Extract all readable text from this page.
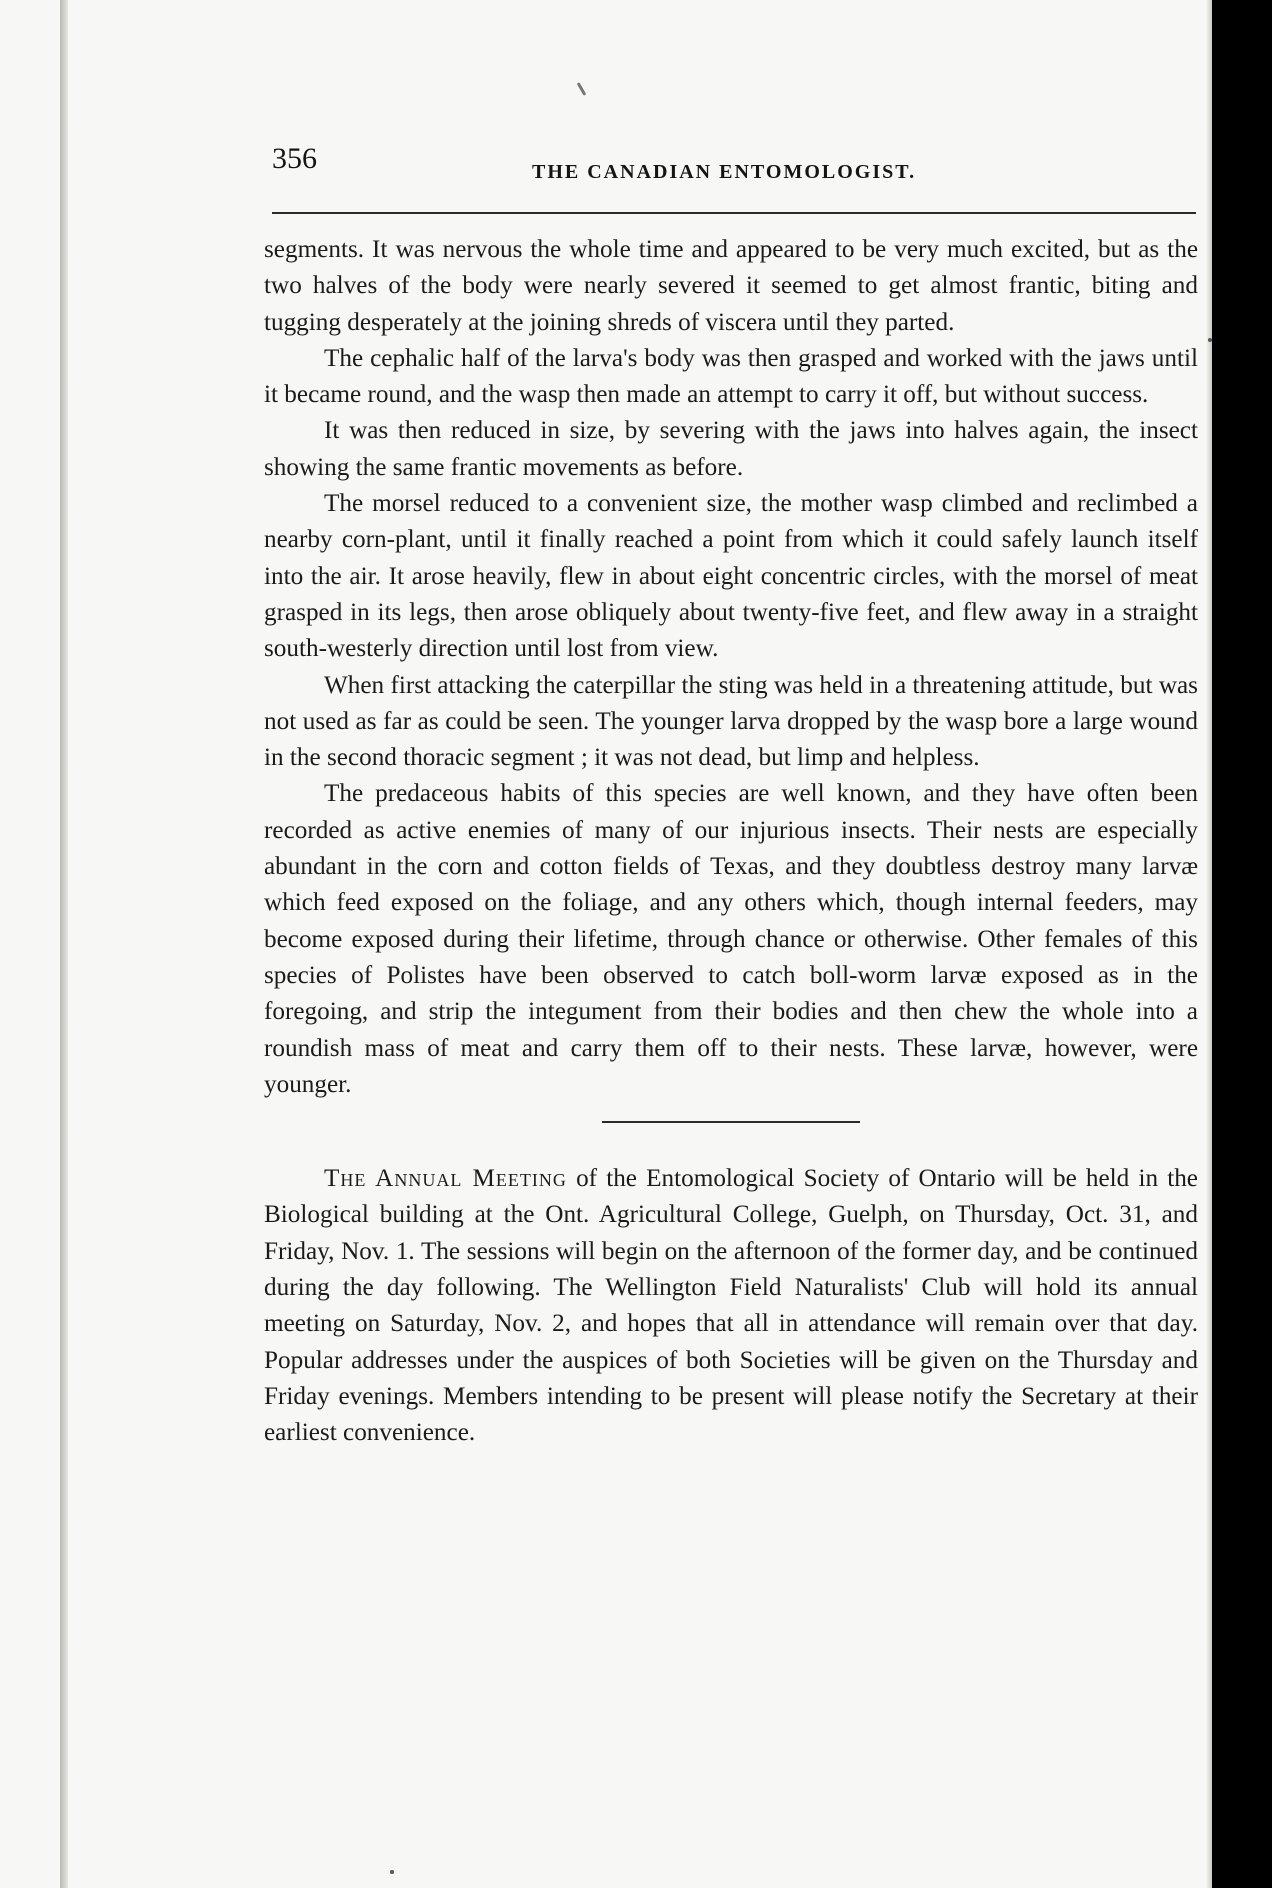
356	THE CANADIAN ENTOMOLOGIST.

segments. It was nervous the whole time and appeared to be very much excited, but as the two halves of the body were nearly severed it seemed to get almost frantic, biting and tugging desperately at the joining shreds of viscera until they parted.

The cephalic half of the larva's body was then grasped and worked with the jaws until it became round, and the wasp then made an attempt to carry it off, but without success.

It was then reduced in size, by severing with the jaws into halves again, the insect showing the same frantic movements as before.

The morsel reduced to a convenient size, the mother wasp climbed and reclimbed a nearby corn-plant, until it finally reached a point from which it could safely launch itself into the air. It arose heavily, flew in about eight concentric circles, with the morsel of meat grasped in its legs, then arose obliquely about twenty-five feet, and flew away in a straight south-westerly direction until lost from view.

When first attacking the caterpillar the sting was held in a threatening attitude, but was not used as far as could be seen. The younger larva dropped by the wasp bore a large wound in the second thoracic segment ; it was not dead, but limp and helpless.

The predaceous habits of this species are well known, and they have often been recorded as active enemies of many of our injurious insects. Their nests are especially abundant in the corn and cotton fields of Texas, and they doubtless destroy many larvæ which feed exposed on the foliage, and any others which, though internal feeders, may become exposed during their lifetime, through chance or otherwise. Other females of this species of Polistes have been observed to catch boll-worm larvæ exposed as in the foregoing, and strip the integument from their bodies and then chew the whole into a roundish mass of meat and carry them off to their nests. These larvæ, however, were younger.

The Annual Meeting of the Entomological Society of Ontario will be held in the Biological building at the Ont. Agricultural College, Guelph, on Thursday, Oct. 31, and Friday, Nov. 1. The sessions will begin on the afternoon of the former day, and be continued during the day following. The Wellington Field Naturalists' Club will hold its annual meeting on Saturday, Nov. 2, and hopes that all in attendance will remain over that day. Popular addresses under the auspices of both Societies will be given on the Thursday and Friday evenings. Members intending to be present will please notify the Secretary at their earliest convenience.
